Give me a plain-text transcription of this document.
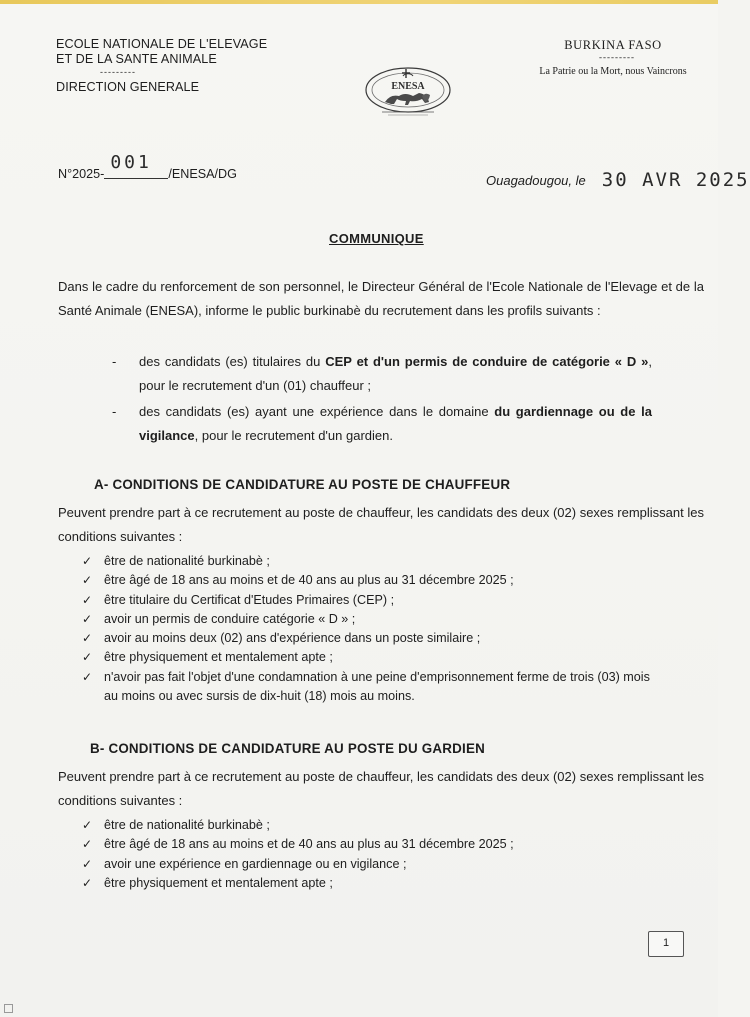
ECOLE NATIONALE DE L'ELEVAGE
ET DE LA SANTE ANIMALE
---------
DIRECTION GENERALE	ENESA
BURKINA FASO
---------
La Patrie ou la Mort, nous Vaincrons
N°2025-
001
/ENESA/DG	Ouagadougou, le 30 AVR 2025
COMMUNIQUE
Dans le cadre du renforcement de son personnel, le Directeur Général de l'Ecole Nationale de l'Elevage et de la Santé Animale (ENESA), informe le public burkinabè du recrutement dans les profils suivants :
- des candidats (es) titulaires du CEP et d'un permis de conduire de catégorie « D », pour le recrutement d'un (01) chauffeur ;
- des candidats (es) ayant une expérience dans le domaine du gardiennage ou de la vigilance, pour le recrutement d'un gardien.
A- CONDITIONS DE CANDIDATURE AU POSTE DE CHAUFFEUR
Peuvent prendre part à ce recrutement au poste de chauffeur, les candidats des deux (02) sexes remplissant les conditions suivantes :
✓ être de nationalité burkinabè ;
✓ être âgé de 18 ans au moins et de 40 ans au plus au 31 décembre 2025 ;
✓ être titulaire du Certificat d'Etudes Primaires (CEP) ;
✓ avoir un permis de conduire catégorie « D » ;
✓ avoir au moins deux (02) ans d'expérience dans un poste similaire ;
✓ être physiquement et mentalement apte ;
✓ n'avoir pas fait l'objet d'une condamnation à une peine d'emprisonnement ferme de trois (03) mois au moins ou avec sursis de dix-huit (18) mois au moins.
B- CONDITIONS DE CANDIDATURE AU POSTE DU GARDIEN
Peuvent prendre part à ce recrutement au poste de chauffeur, les candidats des deux (02) sexes remplissant les conditions suivantes :
✓ être de nationalité burkinabè ;
✓ être âgé de 18 ans au moins et de 40 ans au plus au 31 décembre 2025 ;
✓ avoir une expérience en gardiennage ou en vigilance ;
✓ être physiquement et mentalement apte ;
1
